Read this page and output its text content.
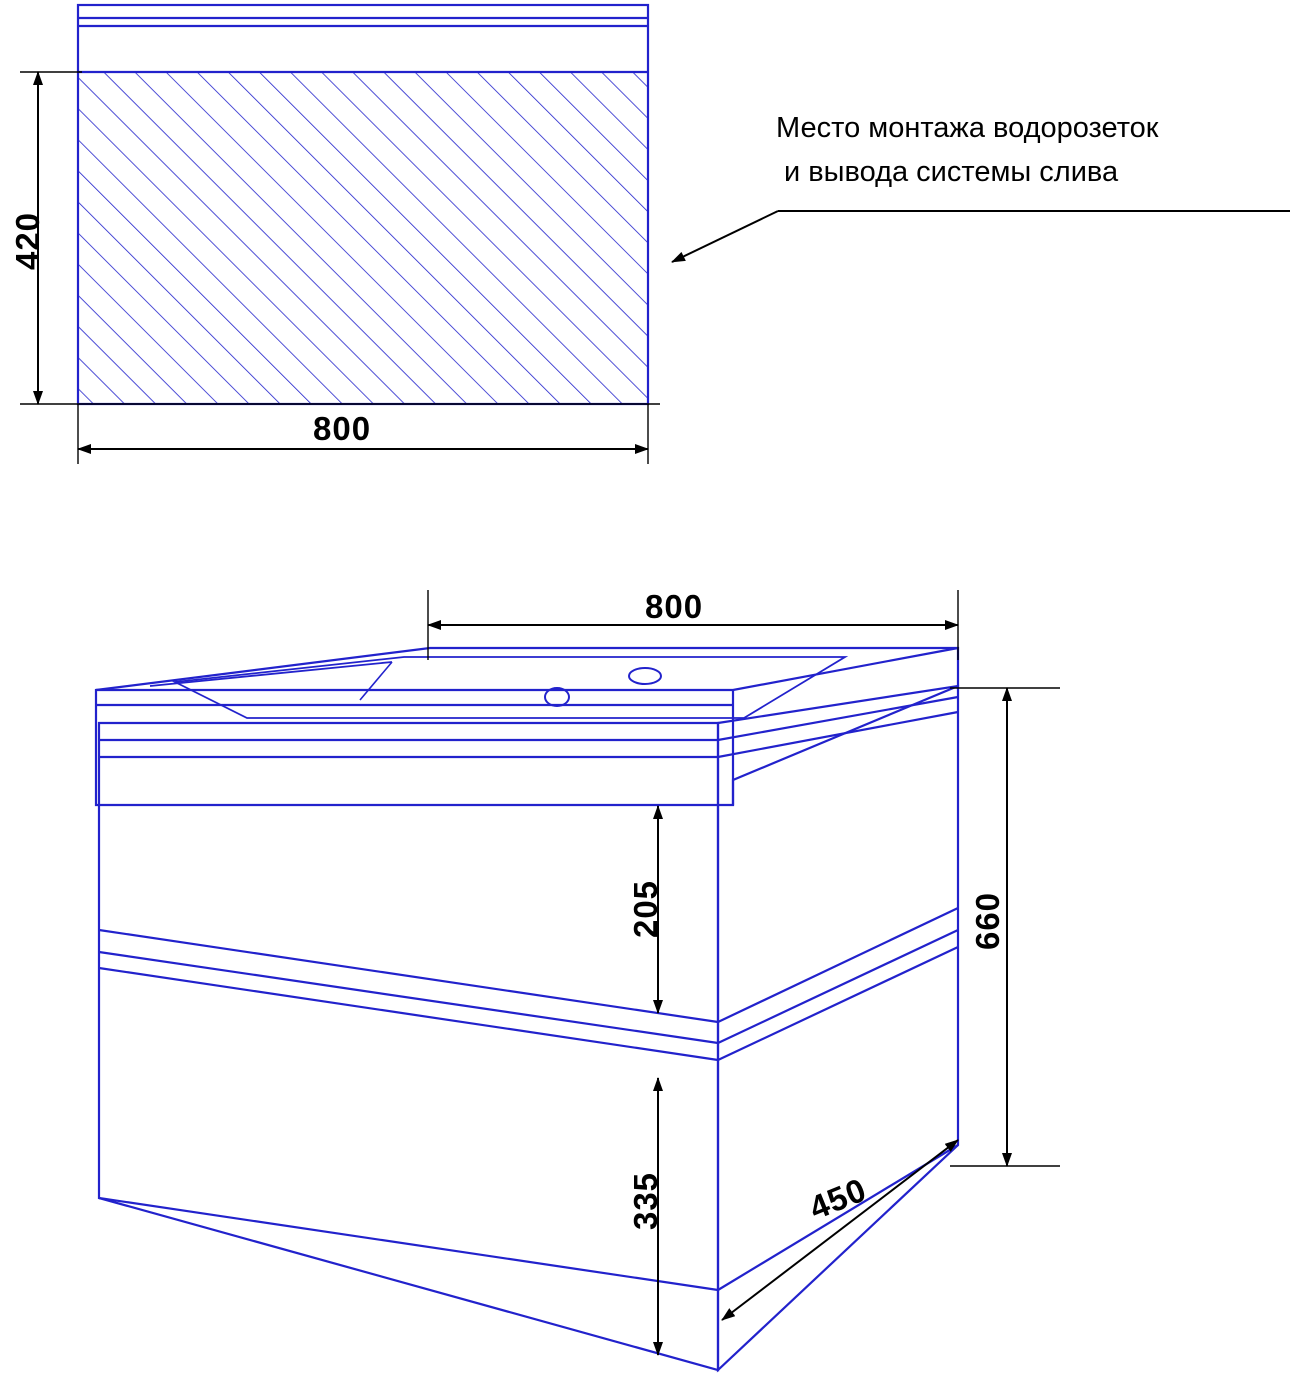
Место монтажа водорозеток
и вывода системы слива
420
800
800
205
335
660
450
